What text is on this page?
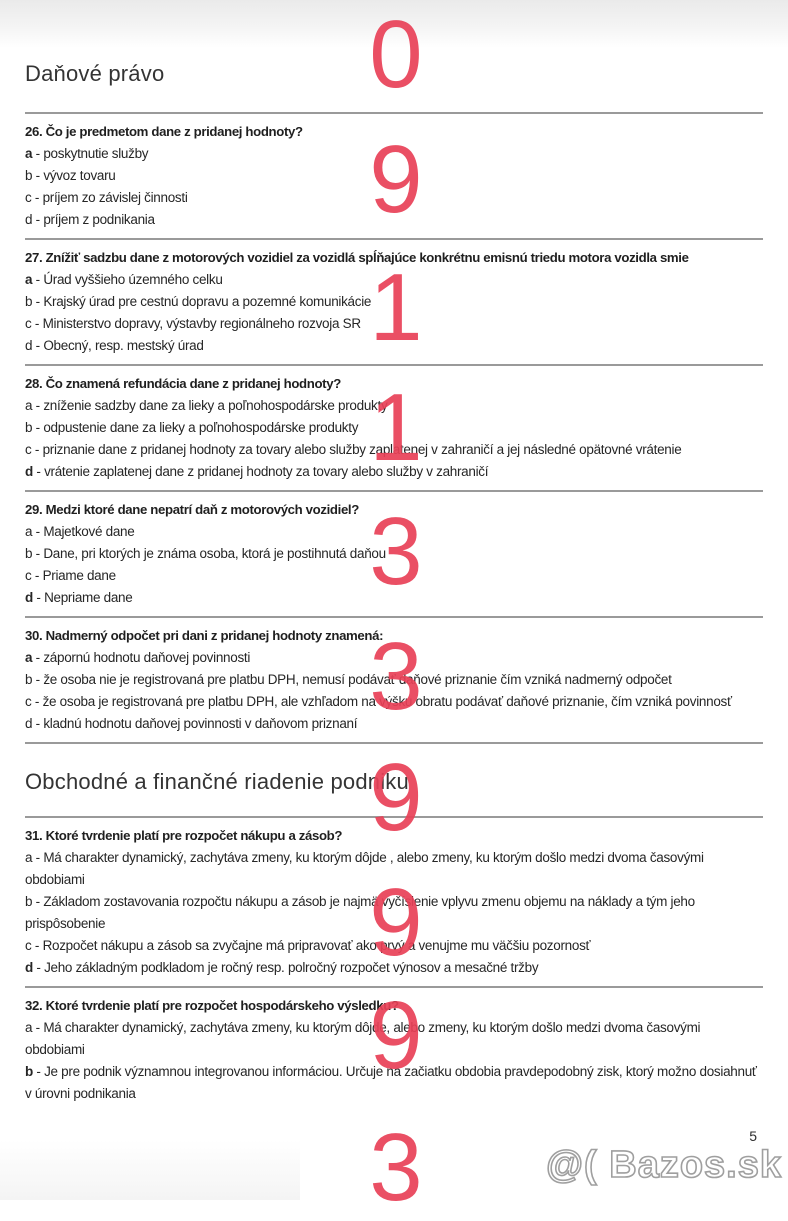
Daňové právo

26. Čo je predmetom dane z pridanej hodnoty?

a - poskytnutie služby

b - vývoz tovaru

c - príjem zo závislej činnosti

d - príjem z podnikania

27. Znížiť sadzbu dane z motorových vozidiel za vozidlá spĺňajúce konkrétnu emisnú triedu motora vozidla smie

a - Úrad vyššieho územného celku

b - Krajský úrad pre cestnú dopravu a pozemné komunikácie

c - Ministerstvo dopravy, výstavby regionálneho rozvoja SR

d - Obecný, resp. mestský úrad

28. Čo znamená refundácia dane z pridanej hodnoty?

a - zníženie sadzby dane za lieky a poľnohospodárske produkty

b - odpustenie dane za lieky a poľnohospodárske produkty

c - priznanie dane z pridanej hodnoty za tovary alebo služby zaplatenej v zahraničí a jej následné opätovné vrátenie

d - vrátenie zaplatenej dane z pridanej hodnoty za tovary alebo služby v zahraničí

29. Medzi ktoré dane nepatrí daň z motorových vozidiel?

a - Majetkové dane

b - Dane, pri ktorých je známa osoba, ktorá je postihnutá daňou

c - Priame dane

d - Nepriame dane

30. Nadmerný odpočet pri dani z pridanej hodnoty znamená:

a - zápornú hodnotu daňovej povinnosti

b - že osoba nie je registrovaná pre platbu DPH, nemusí podávať daňové priznanie čím vzniká nadmerný odpočet

c - že osoba je registrovaná pre platbu DPH, ale vzhľadom na výšku obratu podávať daňové priznanie, čím vzniká povinnosť

d - kladnú hodnotu daňovej povinnosti v daňovom priznaní

Obchodné a finančné riadenie podniku

31. Ktoré tvrdenie platí pre rozpočet nákupu a zásob?

a - Má charakter dynamický, zachytáva zmeny, ku ktorým dôjde , alebo zmeny, ku ktorým došlo medzi dvoma časovými obdobiami

b - Základom zostavovania rozpočtu nákupu a zásob je najmä vyčíslenie vplyvu zmenu objemu na náklady a tým jeho prispôsobenie

c - Rozpočet nákupu a zásob sa zvyčajne má pripravovať ako prvý a venujme mu väčšiu pozornosť

d - Jeho základným podkladom je ročný resp. polročný rozpočet výnosov a mesačné tržby

32. Ktoré tvrdenie platí pre rozpočet hospodárskeho výsledku?

a - Má charakter dynamický, zachytáva zmeny, ku ktorým dôjde, alebo zmeny, ku ktorým došlo medzi dvoma časovými obdobiami

b - Je pre podnik významnou integrovanou informáciou. Určuje na začiatku obdobia pravdepodobný zisk, ktorý možno dosiahnuť v úrovni podnikania

0
9
1
1
3
3
9
9
9
3	5
@( Bazos.sk
